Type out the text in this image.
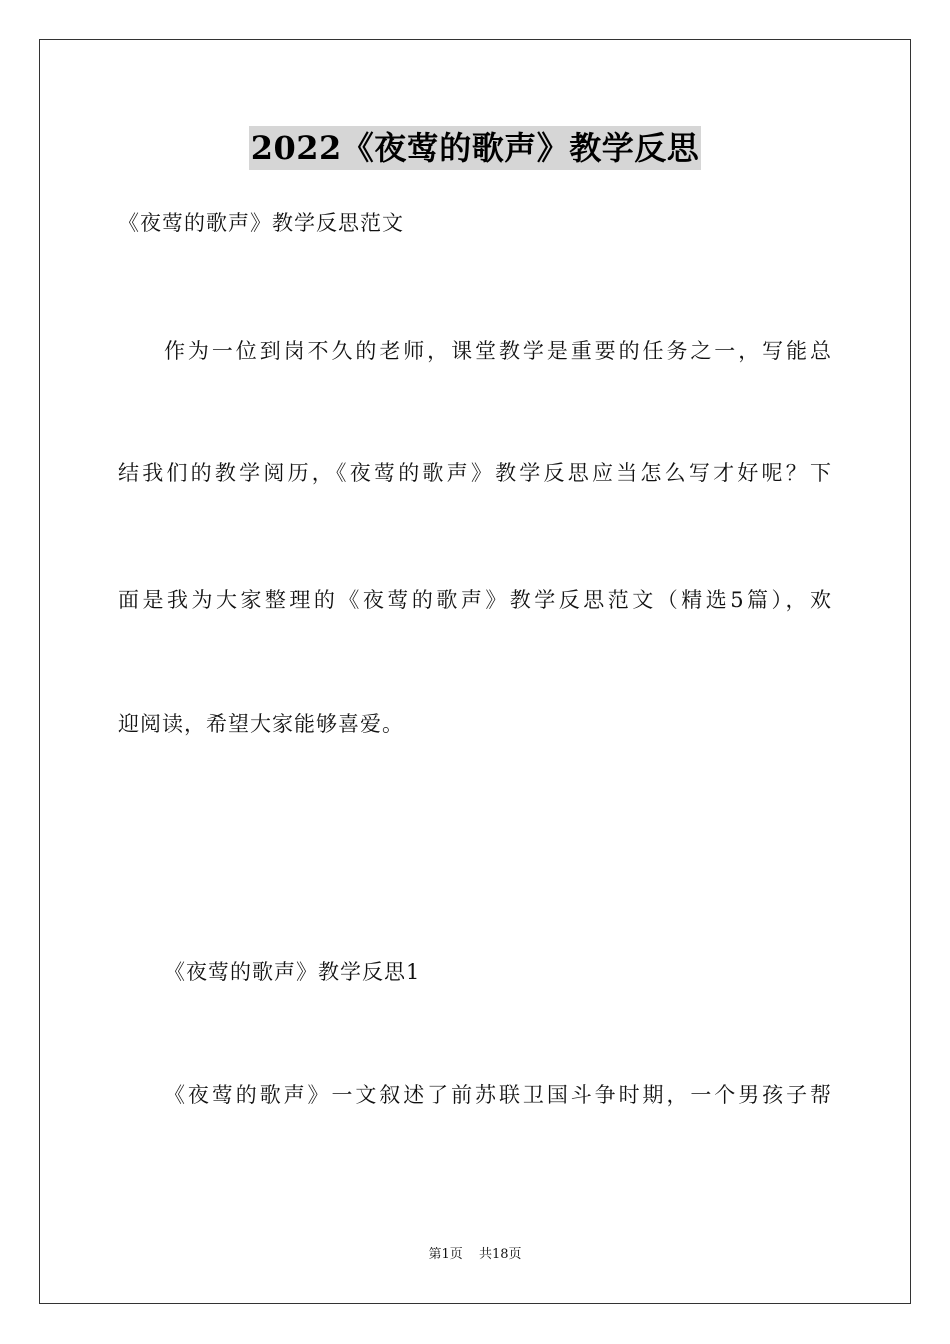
2022《夜莺的歌声》教学反思
《夜莺的歌声》教学反思范文
作为一位到岗不久的老师，课堂教学是重要的任务之一，写能总
结我们的教学阅历，《夜莺的歌声》教学反思应当怎么写才好呢？下
面是我为大家整理的《夜莺的歌声》教学反思范文（精选5篇），欢
迎阅读，希望大家能够喜爱。
《夜莺的歌声》教学反思1
《夜莺的歌声》一文叙述了前苏联卫国斗争时期，一个男孩子帮
第1页 共18页
